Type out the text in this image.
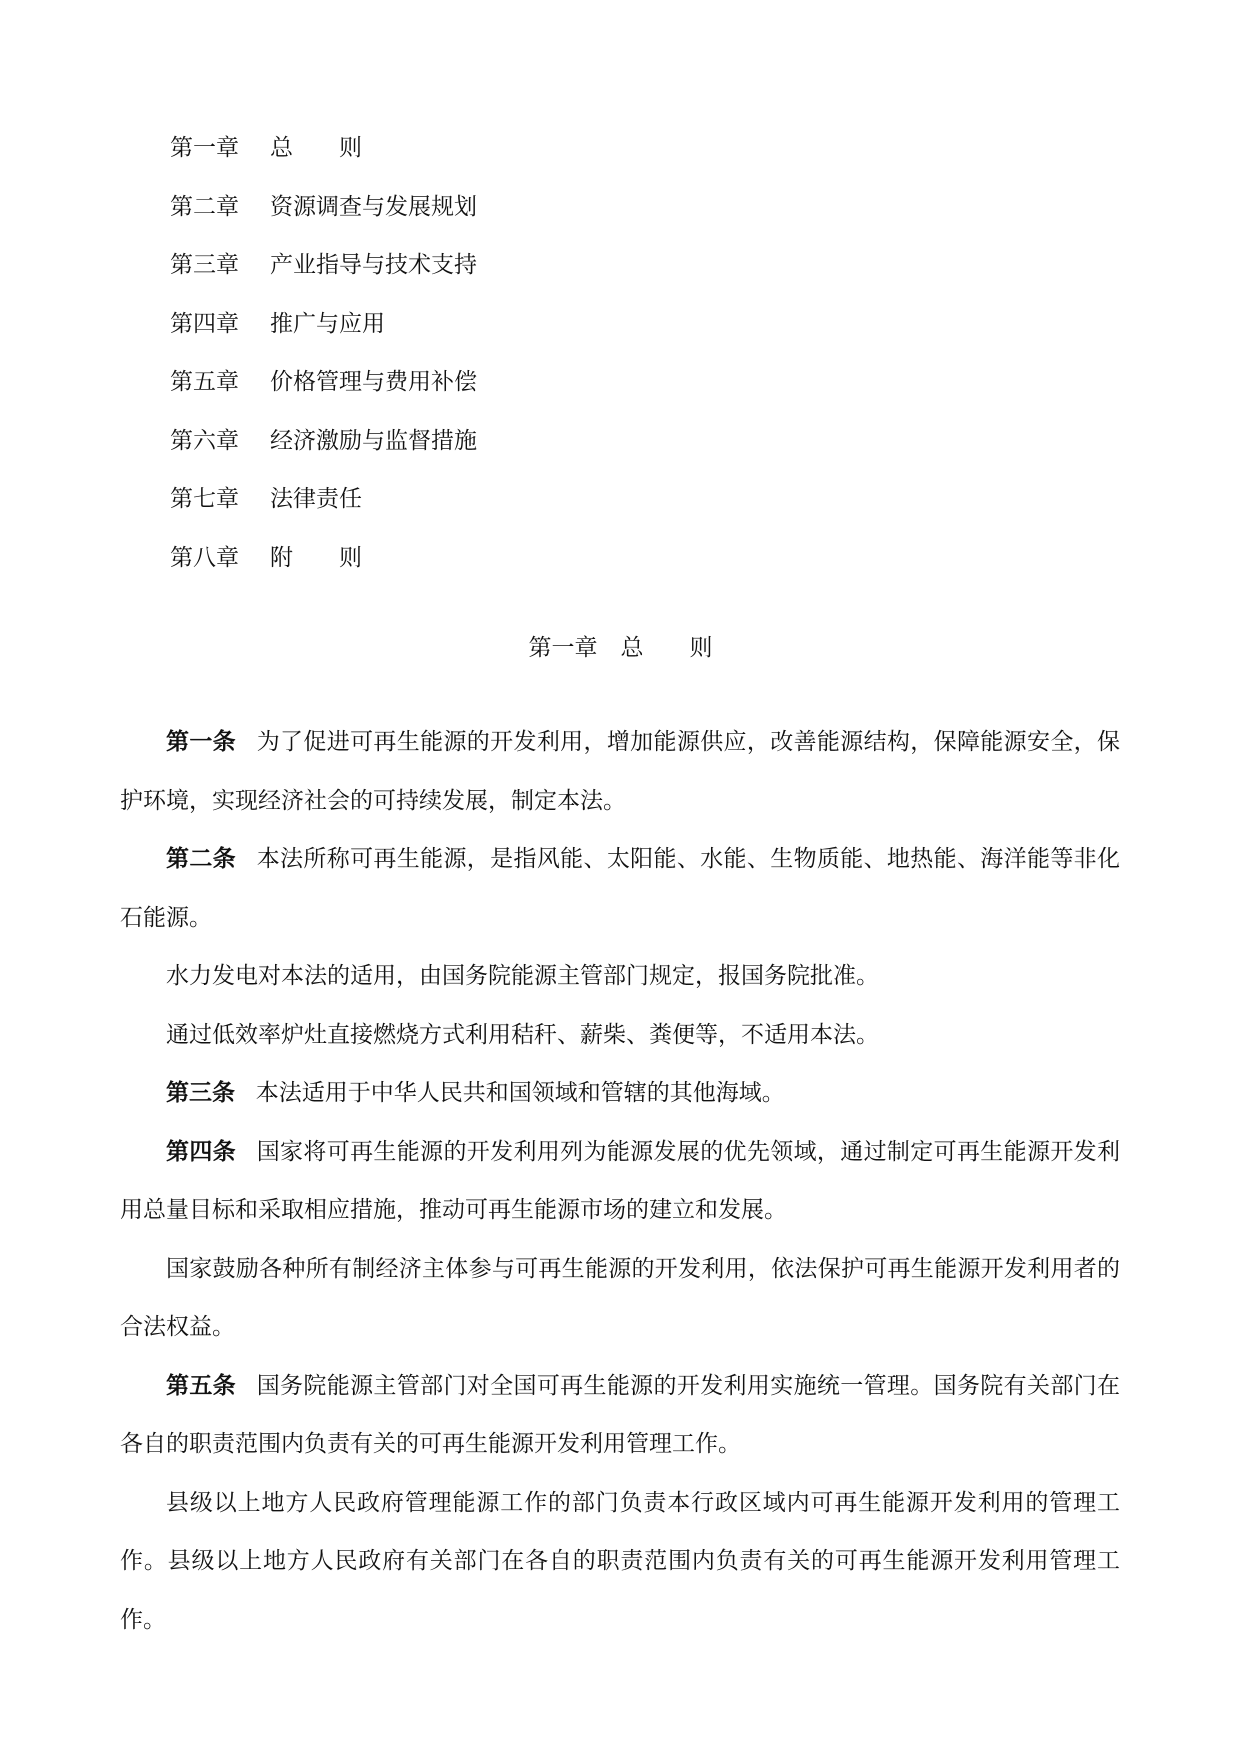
第一章 总　　则
第二章 资源调查与发展规划
第三章 产业指导与技术支持
第四章 推广与应用
第五章 价格管理与费用补偿
第六章 经济激励与监督措施
第七章 法律责任
第八章 附　　则
第一章　总　　则

第一条 为了促进可再生能源的开发利用，增加能源供应，改善能源结构，保障能源安全，保护环境，实现经济社会的可持续发展，制定本法。

第二条 本法所称可再生能源，是指风能、太阳能、水能、生物质能、地热能、海洋能等非化石能源。

水力发电对本法的适用，由国务院能源主管部门规定，报国务院批准。

通过低效率炉灶直接燃烧方式利用秸秆、薪柴、粪便等，不适用本法。

第三条 本法适用于中华人民共和国领域和管辖的其他海域。

第四条 国家将可再生能源的开发利用列为能源发展的优先领域，通过制定可再生能源开发利用总量目标和采取相应措施，推动可再生能源市场的建立和发展。

国家鼓励各种所有制经济主体参与可再生能源的开发利用，依法保护可再生能源开发利用者的合法权益。

第五条 国务院能源主管部门对全国可再生能源的开发利用实施统一管理。国务院有关部门在各自的职责范围内负责有关的可再生能源开发利用管理工作。

县级以上地方人民政府管理能源工作的部门负责本行政区域内可再生能源开发利用的管理工作。县级以上地方人民政府有关部门在各自的职责范围内负责有关的可再生能源开发利用管理工作。
